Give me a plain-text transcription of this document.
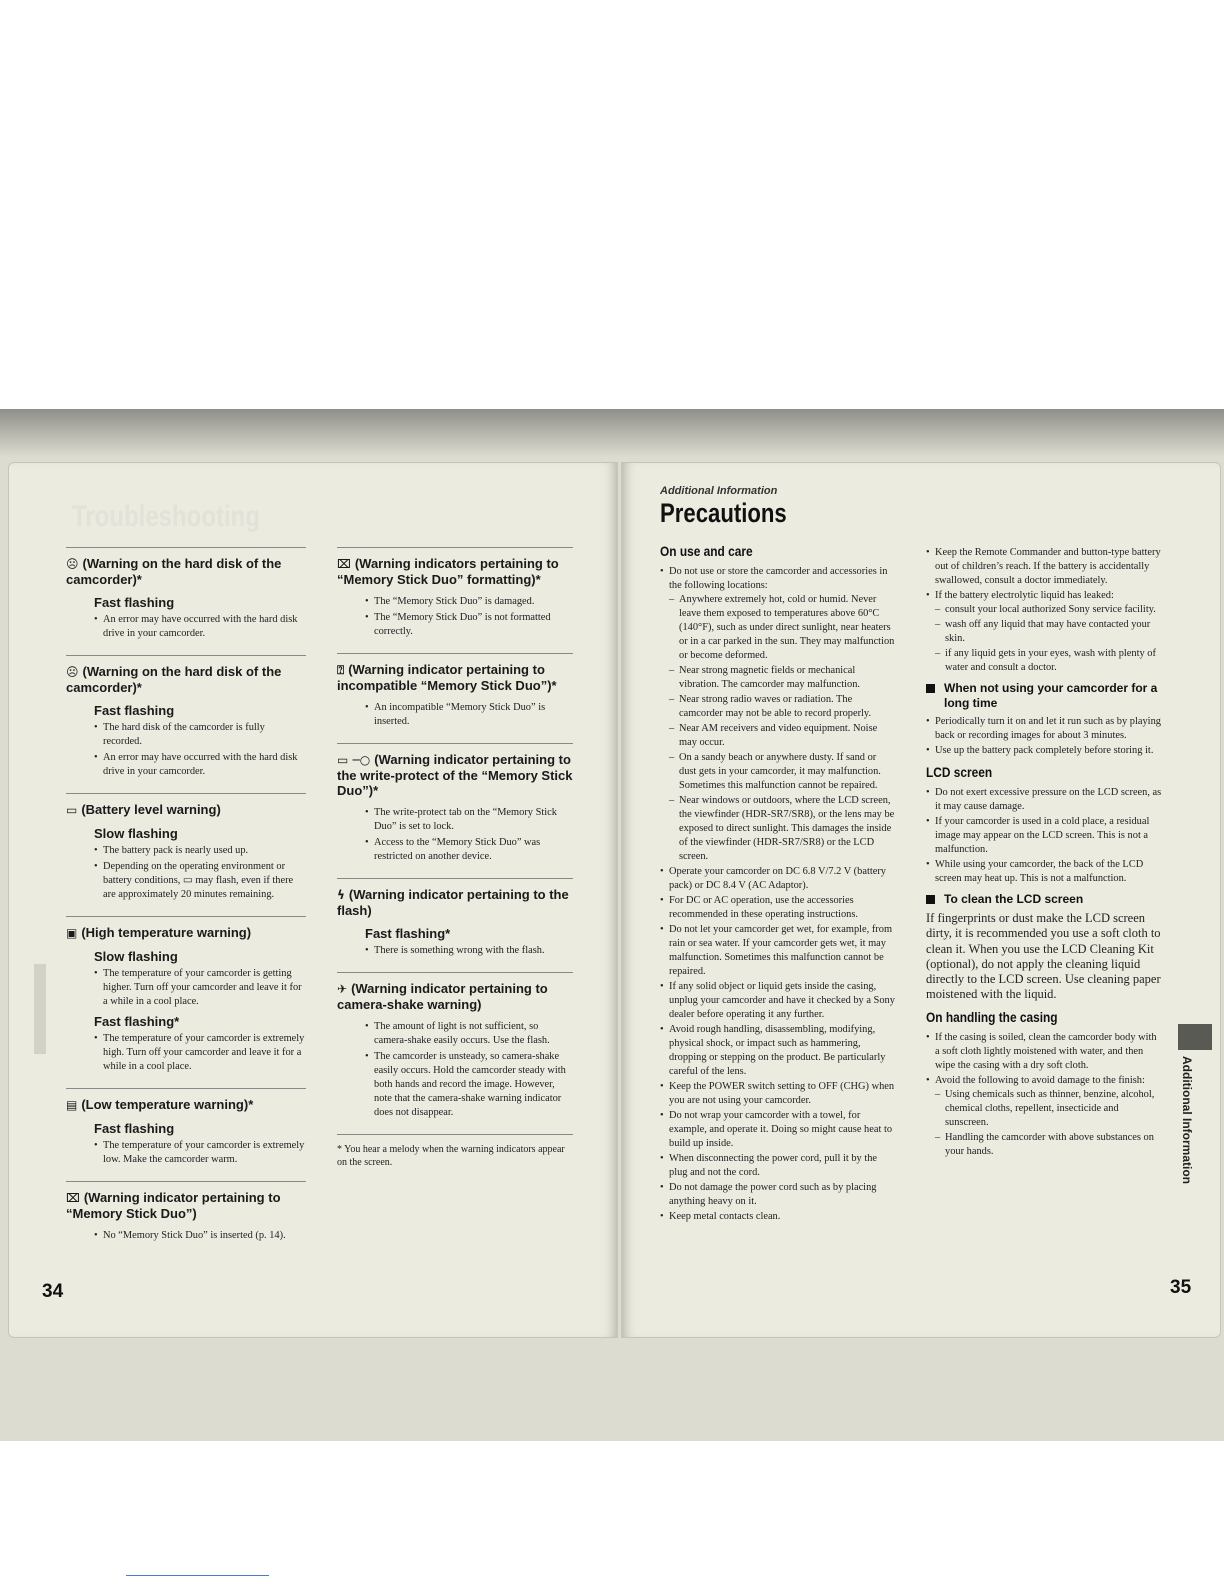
Troubleshooting
☹ (Warning on the hard disk of the camcorder)*
Fast flashing
• An error may have occurred with the hard disk drive in your camcorder.
☹ (Warning on the hard disk of the camcorder)*
Fast flashing
• The hard disk of the camcorder is fully recorded.
• An error may have occurred with the hard disk drive in your camcorder.
▭ (Battery level warning)
Slow flashing
• The battery pack is nearly used up.
• Depending on the operating environment or battery conditions, ▭ may flash, even if there are approximately 20 minutes remaining.
▣ (High temperature warning)
Slow flashing
• The temperature of your camcorder is getting higher. Turn off your camcorder and leave it for a while in a cool place.
Fast flashing*
• The temperature of your camcorder is extremely high. Turn off your camcorder and leave it for a while in a cool place.
▤ (Low temperature warning)*
Fast flashing
• The temperature of your camcorder is extremely low. Make the camcorder warm.
⌧ (Warning indicator pertaining to “Memory Stick Duo”)
• No “Memory Stick Duo” is inserted (p. 14).
⌧ (Warning indicators pertaining to “Memory Stick Duo” formatting)*
• The “Memory Stick Duo” is damaged.
• The “Memory Stick Duo” is not formatted correctly.
⍰ (Warning indicator pertaining to incompatible “Memory Stick Duo”)*
• An incompatible “Memory Stick Duo” is inserted.
▭ ─○ (Warning indicator pertaining to the write-protect of the “Memory Stick Duo”)*
• The write-protect tab on the “Memory Stick Duo” is set to lock.
• Access to the “Memory Stick Duo” was restricted on another device.
ϟ (Warning indicator pertaining to the flash)
Fast flashing*
• There is something wrong with the flash.
✈ (Warning indicator pertaining to camera-shake warning)
• The amount of light is not sufficient, so camera-shake easily occurs. Use the flash.
• The camcorder is unsteady, so camera-shake easily occurs. Hold the camcorder steady with both hands and record the image. However, note that the camera-shake warning indicator does not disappear.
* You hear a melody when the warning indicators appear on the screen.
Additional Information
Precautions
On use and care
• Do not use or store the camcorder and accessories in the following locations:
– Anywhere extremely hot, cold or humid. Never leave them exposed to temperatures above 60°C (140°F), such as under direct sunlight, near heaters or in a car parked in the sun. They may malfunction or become deformed.
– Near strong magnetic fields or mechanical vibration. The camcorder may malfunction.
– Near strong radio waves or radiation. The camcorder may not be able to record properly.
– Near AM receivers and video equipment. Noise may occur.
– On a sandy beach or anywhere dusty. If sand or dust gets in your camcorder, it may malfunction. Sometimes this malfunction cannot be repaired.
– Near windows or outdoors, where the LCD screen, the viewfinder (HDR-SR7/SR8), or the lens may be exposed to direct sunlight. This damages the inside of the viewfinder (HDR-SR7/SR8) or the LCD screen.
• Operate your camcorder on DC 6.8 V/7.2 V (battery pack) or DC 8.4 V (AC Adaptor).
• For DC or AC operation, use the accessories recommended in these operating instructions.
• Do not let your camcorder get wet, for example, from rain or sea water. If your camcorder gets wet, it may malfunction. Sometimes this malfunction cannot be repaired.
• If any solid object or liquid gets inside the casing, unplug your camcorder and have it checked by a Sony dealer before operating it any further.
• Avoid rough handling, disassembling, modifying, physical shock, or impact such as hammering, dropping or stepping on the product. Be particularly careful of the lens.
• Keep the POWER switch setting to OFF (CHG) when you are not using your camcorder.
• Do not wrap your camcorder with a towel, for example, and operate it. Doing so might cause heat to build up inside.
• When disconnecting the power cord, pull it by the plug and not the cord.
• Do not damage the power cord such as by placing anything heavy on it.
• Keep metal contacts clean.
• Keep the Remote Commander and button-type battery out of children’s reach. If the battery is accidentally swallowed, consult a doctor immediately.
• If the battery electrolytic liquid has leaked:
– consult your local authorized Sony service facility.
– wash off any liquid that may have contacted your skin.
– if any liquid gets in your eyes, wash with plenty of water and consult a doctor.
When not using your camcorder for a long time
• Periodically turn it on and let it run such as by playing back or recording images for about 3 minutes.
• Use up the battery pack completely before storing it.
LCD screen
• Do not exert excessive pressure on the LCD screen, as it may cause damage.
• If your camcorder is used in a cold place, a residual image may appear on the LCD screen. This is not a malfunction.
• While using your camcorder, the back of the LCD screen may heat up. This is not a malfunction.
To clean the LCD screen
If fingerprints or dust make the LCD screen dirty, it is recommended you use a soft cloth to clean it. When you use the LCD Cleaning Kit (optional), do not apply the cleaning liquid directly to the LCD screen. Use cleaning paper moistened with the liquid.
On handling the casing
• If the casing is soiled, clean the camcorder body with a soft cloth lightly moistened with water, and then wipe the casing with a dry soft cloth.
• Avoid the following to avoid damage to the finish:
– Using chemicals such as thinner, benzine, alcohol, chemical cloths, repellent, insecticide and sunscreen.
– Handling the camcorder with above substances on your hands.
34	35
Additional Information
